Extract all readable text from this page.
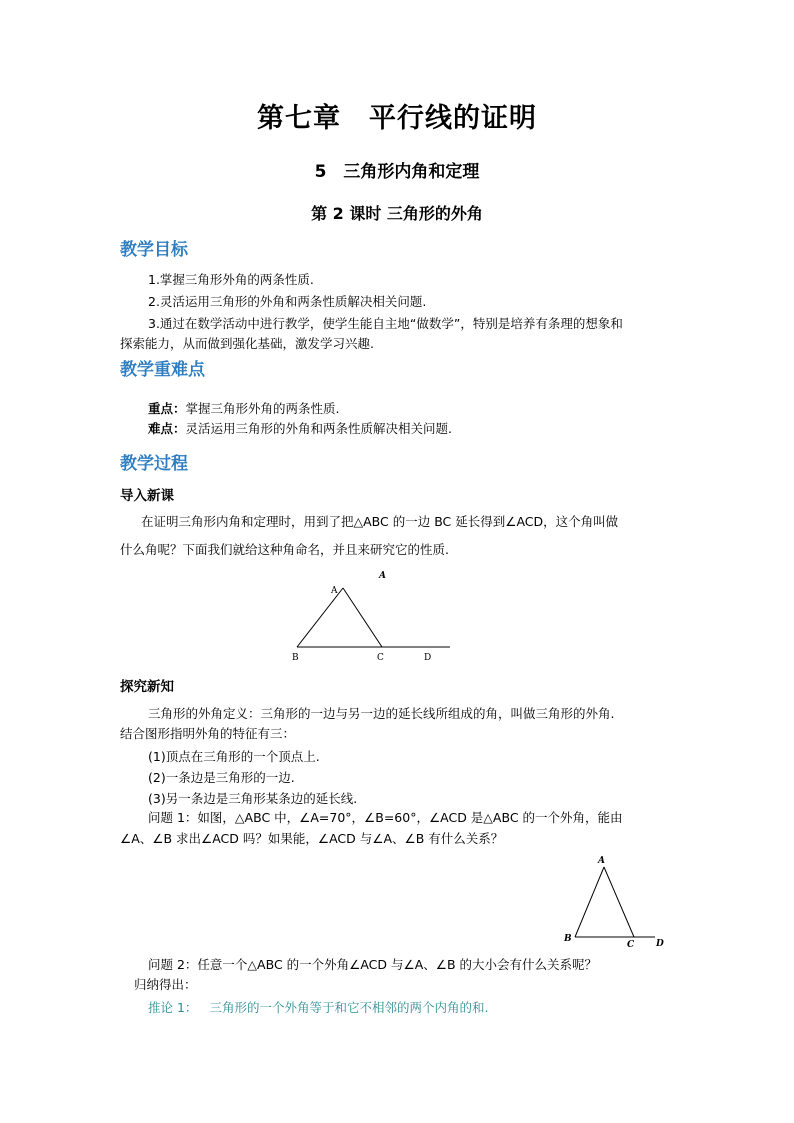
第七章　平行线的证明
5　三角形内角和定理
第 2 课时 三角形的外角
教学目标
1.掌握三角形外角的两条性质.
2.灵活运用三角形的外角和两条性质解决相关问题.
3.通过在数学活动中进行教学，使学生能自主地“做数学”，特别是培养有条理的想象和
探索能力，从而做到强化基础，激发学习兴趣.
教学重难点
重点：掌握三角形外角的两条性质.
难点：灵活运用三角形的外角和两条性质解决相关问题.
教学过程
导入新课
在证明三角形内角和定理时，用到了把△ABC 的一边 BC 延长得到∠ACD，这个角叫做
什么角呢？下面我们就给这种角命名，并且来研究它的性质.
A
B	C	D
A
探究新知
三角形的外角定义：三角形的一边与另一边的延长线所组成的角，叫做三角形的外角.
结合图形指明外角的特征有三：
(1)顶点在三角形的一个顶点上.
(2)一条边是三角形的一边.
(3)另一条边是三角形某条边的延长线.
问题 1：如图，△ABC 中，∠A=70°，∠B=60°，∠ACD 是△ABC 的一个外角，能由
∠A、∠B 求出∠ACD 吗？如果能，∠ACD 与∠A、∠B 有什么关系？
A
B
C D
问题 2：任意一个△ABC 的一个外角∠ACD 与∠A、∠B 的大小会有什么关系呢？
归纳得出：
推论 1： 三角形的一个外角等于和它不相邻的两个内角的和.
